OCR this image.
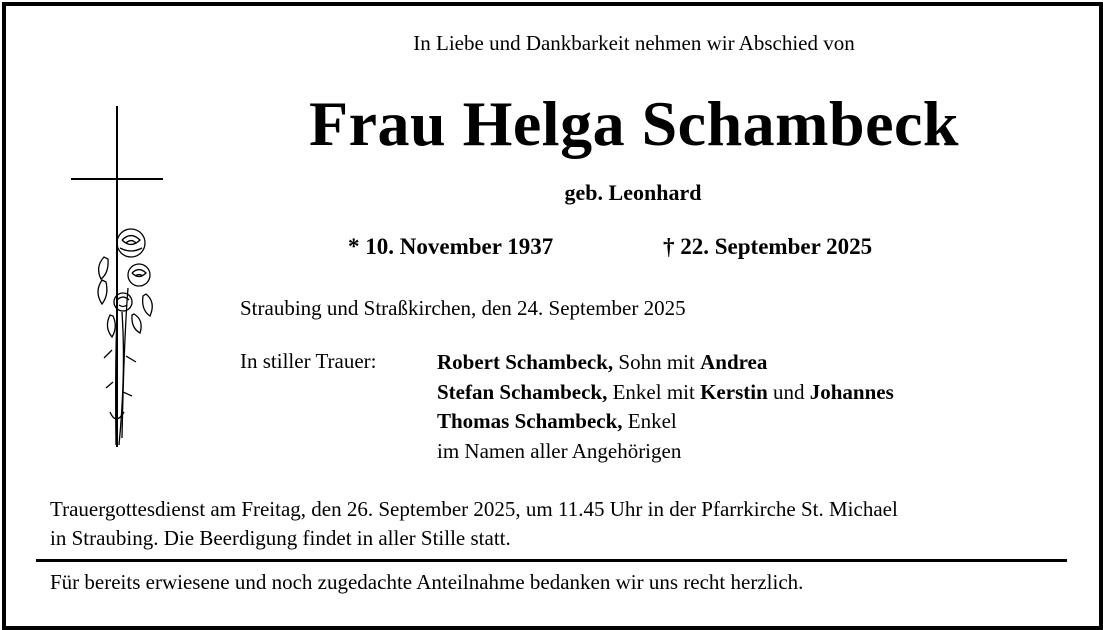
In Liebe und Dankbarkeit nehmen wir Abschied von
Frau Helga Schambeck
geb. Leonhard
* 10. November 1937	† 22. September 2025
Straubing und Straßkirchen, den 24. September 2025
In stiller Trauer:	Robert Schambeck, Sohn mit Andrea
Stefan Schambeck, Enkel mit Kerstin und Johannes
Thomas Schambeck, Enkel
im Namen aller Angehörigen
Trauergottesdienst am Freitag, den 26. September 2025, um 11.45 Uhr in der Pfarrkirche St. Michael
in Straubing. Die Beerdigung findet in aller Stille statt.
Für bereits erwiesene und noch zugedachte Anteilnahme bedanken wir uns recht herzlich.
